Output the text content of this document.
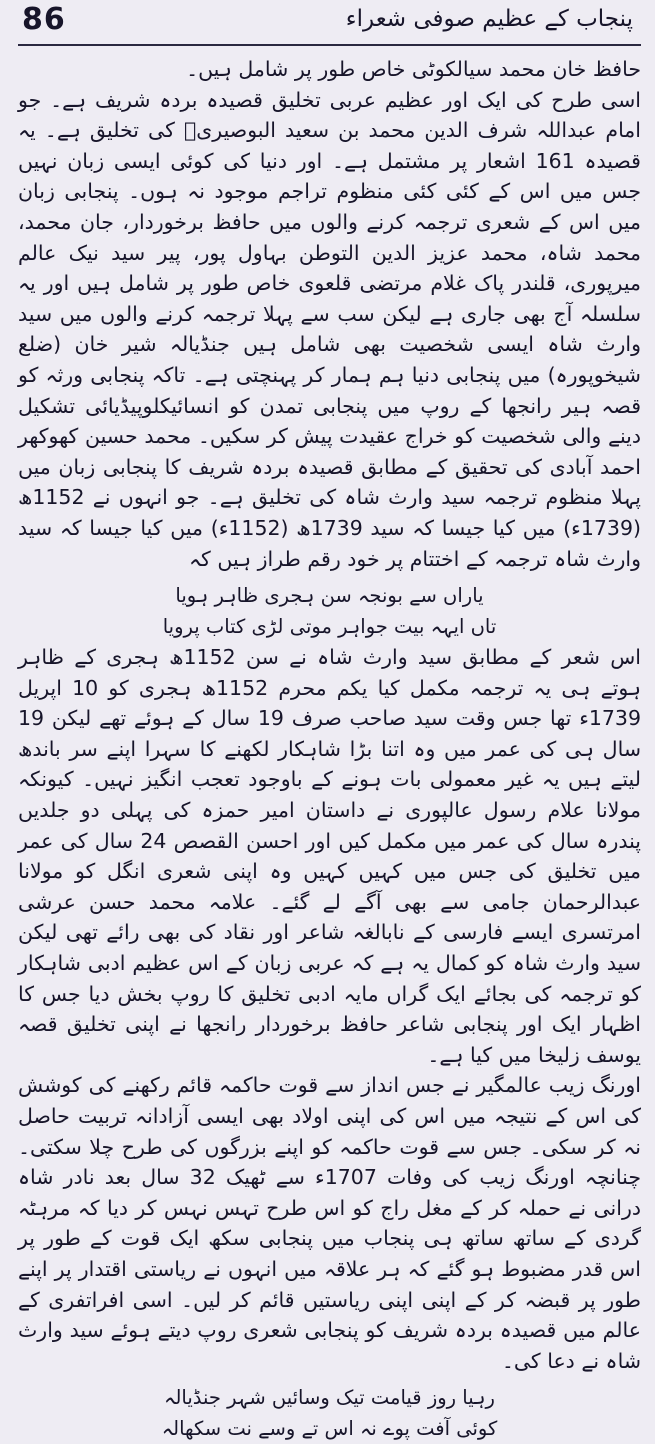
86	پنجاب کے عظیم صوفی شعراء

حافظ خان محمد سیالکوٹی خاص طور پر شامل ہیں۔

اسی طرح کی ایک اور عظیم عربی تخلیق قصیدہ بردہ شریف ہے۔ جو امام عبداللہ شرف الدین محمد بن سعید البوصیریؒ کی تخلیق ہے۔ یہ قصیدہ 161 اشعار پر مشتمل ہے۔ اور دنیا کی کوئی ایسی زبان نہیں جس میں اس کے کئی کئی منظوم تراجم موجود نہ ہوں۔ پنجابی زبان میں اس کے شعری ترجمہ کرنے والوں میں حافظ برخوردار، جان محمد، محمد شاہ، محمد عزیز الدین التوطن بہاول پور، پیر سید نیک عالم میرپوری، قلندر پاک غلام مرتضی قلعوی خاص طور پر شامل ہیں اور یہ سلسلہ آج بھی جاری ہے لیکن سب سے پہلا ترجمہ کرنے والوں میں سید وارث شاہ ایسی شخصیت بھی شامل ہیں جنڈیالہ شیر خان (ضلع شیخوپورہ) میں پنجابی دنیا ہم ہمار کر پہنچتی ہے۔ تاکہ پنجابی ورثہ کو قصہ ہیر رانجھا کے روپ میں پنجابی تمدن کو انسائیکلوپیڈیائی تشکیل دینے والی شخصیت کو خراج عقیدت پیش کر سکیں۔ محمد حسین کھوکھر احمد آبادی کی تحقیق کے مطابق قصیدہ بردہ شریف کا پنجابی زبان میں پہلا منظوم ترجمہ سید وارث شاہ کی تخلیق ہے۔ جو انہوں نے 1152ھ (1739ء) میں کیا جیسا کہ سید 1739ھ (1152ء) میں کیا جیسا کہ سید وارث شاہ ترجمہ کے اختتام پر خود رقم طراز ہیں کہ

یاراں سے بونجہ سن ہجری ظاہر ہویا

تاں ایہہ بیت جواہر موتی لڑی کتاب پرویا

اس شعر کے مطابق سید وارث شاہ نے سن 1152ھ ہجری کے ظاہر ہوتے ہی یہ ترجمہ مکمل کیا یکم محرم 1152ھ ہجری کو 10 اپریل 1739ء تھا جس وقت سید صاحب صرف 19 سال کے ہوئے تھے لیکن 19 سال ہی کی عمر میں وہ اتنا بڑا شاہکار لکھنے کا سہرا اپنے سر باندھ لیتے ہیں یہ غیر معمولی بات ہونے کے باوجود تعجب انگیز نہیں۔ کیونکہ مولانا علام رسول عالپوری نے داستان امیر حمزہ کی پہلی دو جلدیں پندرہ سال کی عمر میں مکمل کیں اور احسن القصص 24 سال کی عمر میں تخلیق کی جس میں کہیں کہیں وہ اپنی شعری انگل کو مولانا عبدالرحمان جامی سے بھی آگے لے گئے۔ علامہ محمد حسن عرشی امرتسری ایسے فارسی کے نابالغہ شاعر اور نقاد کی بھی رائے تھی لیکن سید وارث شاہ کو کمال یہ ہے کہ عربی زبان کے اس عظیم ادبی شاہکار کو ترجمہ کی بجائے ایک گراں مایہ ادبی تخلیق کا روپ بخش دیا جس کا اظہار ایک اور پنجابی شاعر حافظ برخوردار رانجھا نے اپنی تخلیق قصہ یوسف زلیخا میں کیا ہے۔

اورنگ زیب عالمگیر نے جس انداز سے قوت حاکمہ قائم رکھنے کی کوشش کی اس کے نتیجہ میں اس کی اپنی اولاد بھی ایسی آزادانہ تربیت حاصل نہ کر سکی۔ جس سے قوت حاکمہ کو اپنے بزرگوں کی طرح چلا سکتی۔ چنانچہ اورنگ زیب کی وفات 1707ء سے ٹھیک 32 سال بعد نادر شاہ درانی نے حملہ کر کے مغل راج کو اس طرح تہس نہس کر دیا کہ مرہٹہ گردی کے ساتھ ساتھ ہی پنجاب میں پنجابی سکھ ایک قوت کے طور پر اس قدر مضبوط ہو گئے کہ ہر علاقہ میں انہوں نے ریاستی اقتدار پر اپنے طور پر قبضہ کر کے اپنی اپنی ریاستیں قائم کر لیں۔ اسی افراتفری کے عالم میں قصیدہ بردہ شریف کو پنجابی شعری روپ دیتے ہوئے سید وارث شاہ نے دعا کی۔

رہیا روز قیامت تیک وسائیں شہر جنڈیالہ

کوئی آفت پوے نہ اس تے وسے نت سکھالہ
